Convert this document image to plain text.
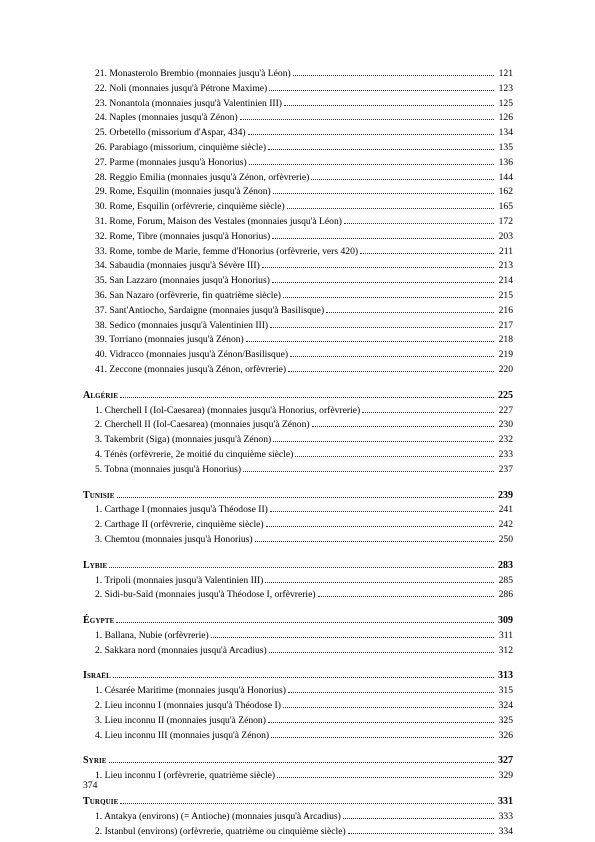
21. Monasterolo Brembio (monnaies jusqu'à Léon)	121
22. Noli (monnaies jusqu'à Pétrone Maxime)	123
23. Nonantola (monnaies jusqu'à Valentinien III)	125
24. Naples (monnaies jusqu'à Zénon)	126
25. Orbetello (missorium d'Aspar, 434)	134
26. Parabiago (missorium, cinquième siècle)	135
27. Parme (monnaies jusqu'à Honorius)	136
28. Reggio Emilia (monnaies jusqu'à Zénon, orfèvrerie)	144
29. Rome, Esquilin (monnaies jusqu'à Zénon)	162
30. Rome, Esquilin (orfèvrerie, cinquième siècle)	165
31. Rome, Forum, Maison des Vestales (monnaies jusqu'à Léon)	172
32. Rome, Tibre (monnaies jusqu'à Honorius)	203
33. Rome, tombe de Marie, femme d'Honorius (orfèvrerie, vers 420)	211
34. Sabaudia (monnaies jusqu'à Sévère III)	213
35. San Lazzaro (monnaies jusqu'à Honorius)	214
36. San Nazaro (orfèvrerie, fin quatrième siècle)	215
37. Sant'Antiocho, Sardaigne (monnaies jusqu'à Basilisque)	216
38. Sedico (monnaies jusqu'à Valentinien III)	217
39. Torriano (monnaies jusqu'à Zénon)	218
40. Vidracco (monnaies jusqu'à Zénon/Basilisque)	219
41. Zeccone (monnaies jusqu'à Zénon, orfèvrerie)	220
Algérie	225
1. Cherchell I (Iol-Caesarea) (monnaies jusqu'à Honorius, orfèvrerie)	227
2. Cherchell II (Iol-Caesarea) (monnaies jusqu'à Zénon)	230
3. Takembrit (Siga) (monnaies jusqu'à Zénon)	232
4. Ténès (orfèvrerie, 2e moitié du cinquième siècle)	233
5. Tobna (monnaies jusqu'à Honorius)	237
Tunisie	239
1. Carthage I (monnaies jusqu'à Théodose II)	241
2. Carthage II (orfèvrerie, cinquième siècle)	242
3. Chemtou (monnaies jusqu'à Honorius)	250
Lybie	283
1. Tripoli (monnaies jusqu'à Valentinien III)	285
2. Sidi-bu-Saïd (monnaies jusqu'à Théodose I, orfèvrerie)	286
Égypte	309
1. Ballana, Nubie (orfèvrerie)	311
2. Sakkara nord (monnaies jusqu'à Arcadius)	312
Israël	313
1. Césarée Maritime (monnaies jusqu'à Honorius)	315
2. Lieu inconnu I (monnaies jusqu'à Théodose I)	324
3. Lieu inconnu II (monnaies jusqu'à Zénon)	325
4. Lieu inconnu III (monnaies jusqu'à Zénon)	326
Syrie	327
1. Lieu inconnu I (orfèvrerie, quatrième siècle)	329
Turquie	331
1. Antakya (environs) (= Antioche) (monnaies jusqu'à Arcadius)	333
2. Istanbul (environs) (orfèvrerie, quatrième ou cinquième siècle)	334
374
